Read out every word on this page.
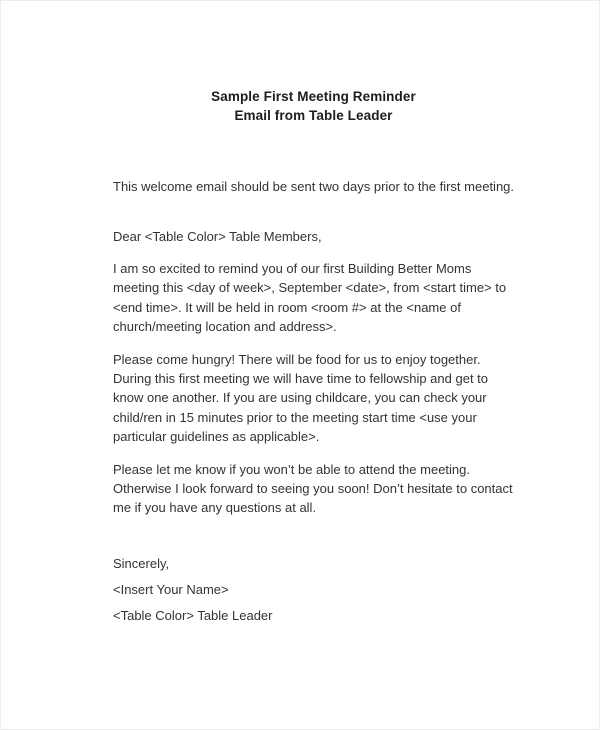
Sample First Meeting Reminder
Email from Table Leader

This welcome email should be sent two days prior to the first meeting.

Dear <Table Color> Table Members,

I am so excited to remind you of our first Building Better Moms meeting this <day of week>, September <date>, from <start time> to <end time>. It will be held in room <room #> at the <name of church/meeting location and address>.

Please come hungry! There will be food for us to enjoy together. During this first meeting we will have time to fellowship and get to know one another. If you are using childcare, you can check your child/ren in 15 minutes prior to the meeting start time <use your particular guidelines as applicable>.

Please let me know if you won’t be able to attend the meeting. Otherwise I look forward to seeing you soon! Don’t hesitate to contact me if you have any questions at all.

Sincerely,

<Insert Your Name>

<Table Color> Table Leader
